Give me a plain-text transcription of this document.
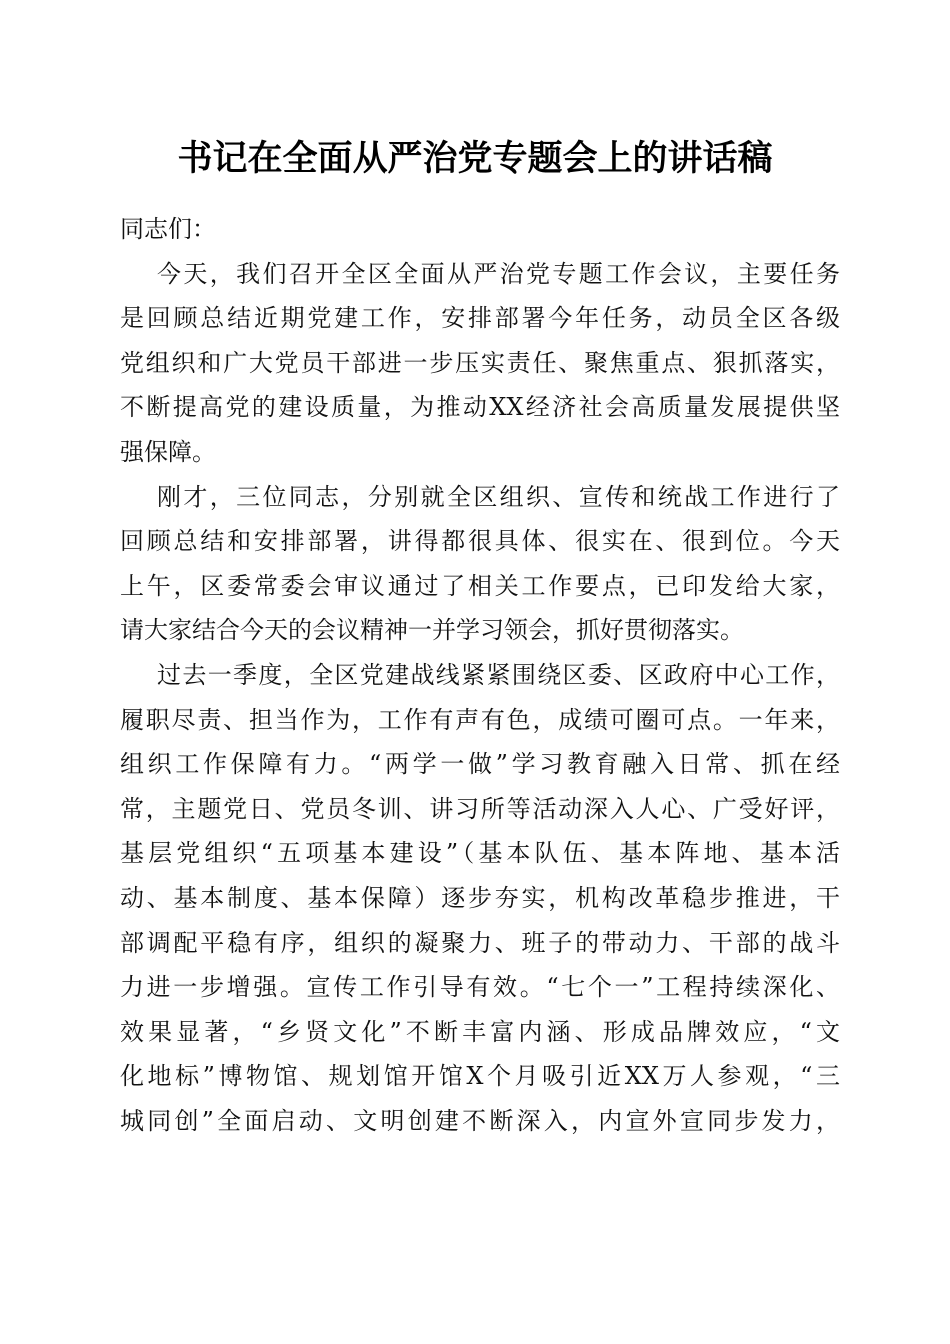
书记在全面从严治党专题会上的讲话稿
同志们：
今天，我们召开全区全面从严治党专题工作会议，主要任务
是回顾总结近期党建工作，安排部署今年任务，动员全区各级
党组织和广大党员干部进一步压实责任、聚焦重点、狠抓落实，
不断提高党的建设质量，为推动XX经济社会高质量发展提供坚
强保障。
刚才，三位同志，分别就全区组织、宣传和统战工作进行了
回顾总结和安排部署，讲得都很具体、很实在、很到位。今天
上午，区委常委会审议通过了相关工作要点，已印发给大家，
请大家结合今天的会议精神一并学习领会，抓好贯彻落实。
过去一季度，全区党建战线紧紧围绕区委、区政府中心工作，
履职尽责、担当作为，工作有声有色，成绩可圈可点。一年来，
组织工作保障有力。“两学一做”学习教育融入日常、抓在经
常，主题党日、党员冬训、讲习所等活动深入人心、广受好评，
基层党组织“五项基本建设”（基本队伍、基本阵地、基本活
动、基本制度、基本保障）逐步夯实，机构改革稳步推进，干
部调配平稳有序，组织的凝聚力、班子的带动力、干部的战斗
力进一步增强。宣传工作引导有效。“七个一”工程持续深化、
效果显著，“乡贤文化”不断丰富内涵、形成品牌效应，“文
化地标”博物馆、规划馆开馆X个月吸引近XX万人参观，“三
城同创”全面启动、文明创建不断深入，内宣外宣同步发力，
